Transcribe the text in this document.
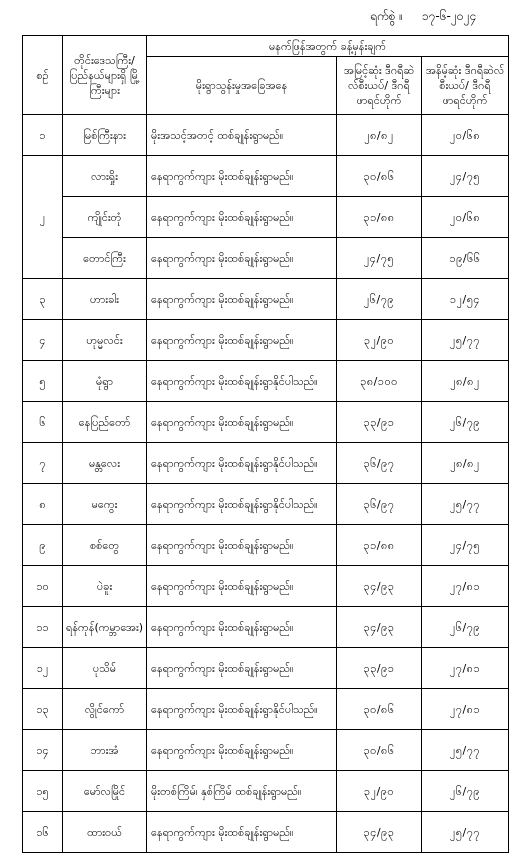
ရက်စွဲ ။ ၁၇-၆-၂၀၂၄
စဉ်	တိုင်းဒေသကြီး/ ပြည်နယ်များရှိ မြို့ကြီးများ	မနက်ဖြန်အတွက် ခန့်မှန်းချက်		
		မိုးရွာသွန်းမှုအခြေအနေ	အမြင့်ဆုံး ဒီဂရီဆဲလ်စီးယပ်/ ဒီဂရီဖာရင်ဟိုက်	အနိမ့်ဆုံး ဒီဂရီဆဲလ်စီးယပ်/ ဒီဂရီဖာရင်ဟိုက်
၁	မြစ်ကြီးနား	မိုးအသင့်အတင့် ထစ်ချုန်းရွာမည်။	၂၈/၈၂	၂၀/၆၈
၂	လားရှိုး	နေရာကွက်ကျား မိုးထစ်ချုန်းရွာမည်။	၃၀/၈၆	၂၄/၇၅
	ကျိုင်းတုံ	နေရာကွက်ကျား မိုးထစ်ချုန်းရွာမည်။	၃၁/၈၈	၂၀/၆၈
	တောင်ကြီး	နေရာကွက်ကျား မိုးထစ်ချုန်းရွာမည်။	၂၄/၇၅	၁၉/၆၆
၃	ဟားခါး	နေရာကွက်ကျား မိုးထစ်ချုန်းရွာမည်။	၂၆/၇၉	၁၂/၅၄
၄	ဟုမ္မလင်း	နေရာကွက်ကျား မိုးထစ်ချုန်းရွာမည်။	၃၂/၉၀	၂၅/၇၇
၅	မုံရွာ	နေရာကွက်ကျား မိုးထစ်ချုန်းရွာနိုင်ပါသည်။	၃၈/၁၀၀	၂၈/၈၂
၆	နေပြည်တော်	နေရာကွက်ကျား မိုးထစ်ချုန်းရွာမည်။	၃၃/၉၁	၂၆/၇၉
၇	မန္တလေး	နေရာကွက်ကျား မိုးထစ်ချုန်းရွာနိုင်ပါသည်။	၃၆/၉၇	၂၈/၈၂
၈	မကွေး	နေရာကွက်ကျား မိုးထစ်ချုန်းရွာနိုင်ပါသည်။	၃၆/၉၇	၂၅/၇၇
၉	စစ်တွေ	နေရာကွက်ကျား မိုးထစ်ချုန်းရွာမည်။	၃၁/၈၈	၂၄/၇၅
၁၀	ပဲခူး	နေရာကွက်ကျား မိုးထစ်ချုန်းရွာမည်။	၃၄/၉၃	၂၇/၈၁
၁၁	ရန်ကုန်(ကမ္ဘာအေး)	နေရာကွက်ကျား မိုးထစ်ချုန်းရွာမည်။	၃၄/၉၃	၂၆/၇၉
၁၂	ပုသိမ်	နေရာကွက်ကျား မိုးထစ်ချုန်းရွာမည်။	၃၃/၉၁	၂၇/၈၁
၁၃	လွိုင်ကော်	နေရာကွက်ကျား မိုးထစ်ချုန်းရွာနိုင်ပါသည်။	၃၀/၈၆	၂၇/၈၁
၁၄	ဘားအံ	နေရာကွက်ကျား မိုးထစ်ချုန်းရွာမည်။	၃၀/၈၆	၂၅/၇၇
၁၅	မော်လမြိုင်	မိုးတစ်ကြိမ်၊ နှစ်ကြိမ် ထစ်ချုန်းရွာမည်။	၃၂/၉၀	၂၆/၇၉
၁၆	ထားဝယ်	နေရာကွက်ကျား မိုးထစ်ချုန်းရွာမည်။	၃၄/၉၃	၂၅/၇၇
